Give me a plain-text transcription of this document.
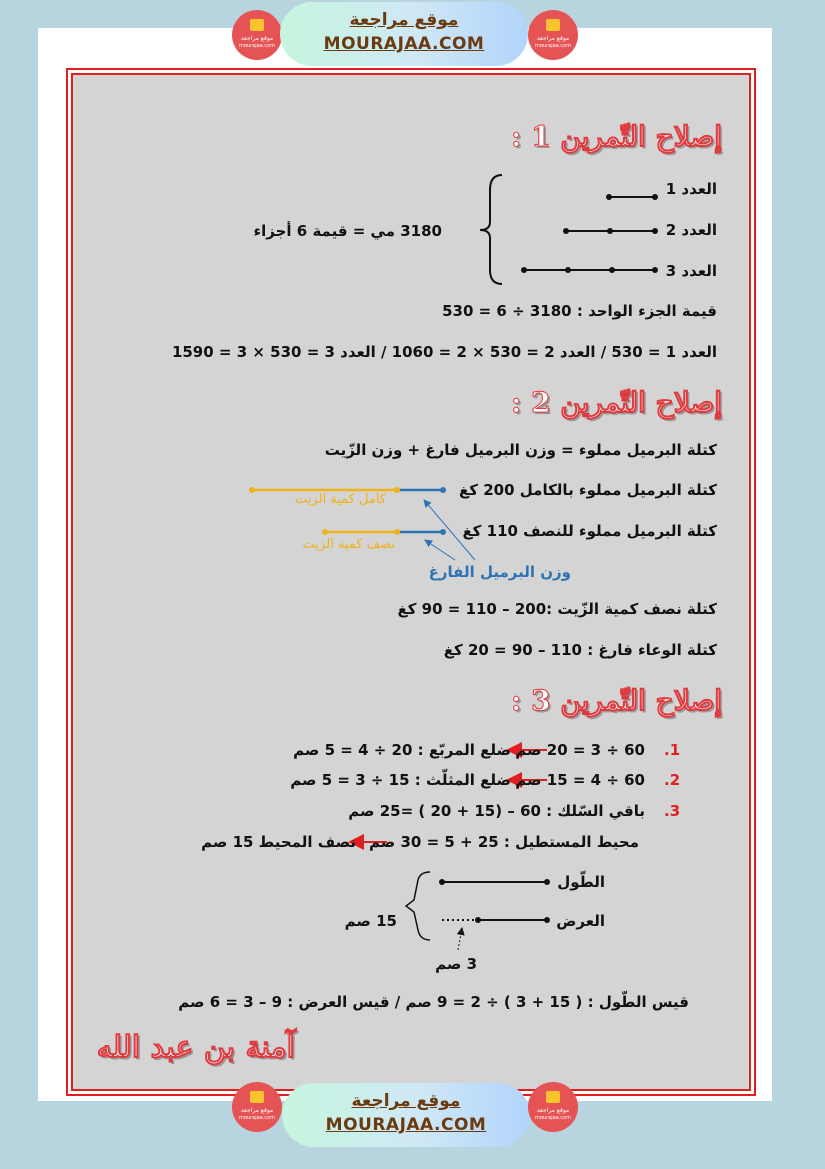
موقع مراجعة
mourajaa.com
موقع مراجعة
MOURAJAA.COM	موقع مراجعة
mourajaa.com
موقع مراجعة
mourajaa.com
موقع مراجعة
MOURAJAA.COM
موقع مراجعة
mourajaa.com
إصلاح التّمرين 1 :
العدد 1
العدد 2
العدد 3
3180 مي = قيمة 6 أجزاء
قيمة الجزء الواحد : 3180 ÷ 6 = 530
العدد 1 = 530 / العدد 2 = 530 × 2 = 1060 / العدد 3 = 530 × 3 = 1590
إصلاح التّمرين 2 :
كتلة البرميل مملوء = وزن البرميل فارغ + وزن الزّيت
كتلة البرميل مملوء بالكامل 200 كغ
كتلة البرميل مملوء للنصف 110 كغ
كامل كمية الزيت
نصف كمية الزيت
وزن البرميل الفارغ
كتلة نصف كمية الزّيت :200 – 110 = 90 كغ
كتلة الوعاء فارغ : 110 – 90 = 20 كغ
إصلاح التّمرين 3 :
.1
60 ÷ 3 = 20 صم
ضلع المربّع : 20 ÷ 4 = 5 صم
.2
60 ÷ 4 = 15 صم
ضلع المثلّث : 15 ÷ 3 = 5 صم
.3
باقي السّلك : 60 – (15 + 20 ) =25 صم
محيط المستطيل : 25 + 5 = 30 صم
نصف المحيط 15 صم
الطّول
العرض
15 صم
3 صم
قيس الطّول : ( 15 + 3 ) ÷ 2 = 9 صم / قيس العرض : 9 – 3 = 6 صم
آمنة بن عبد الله
